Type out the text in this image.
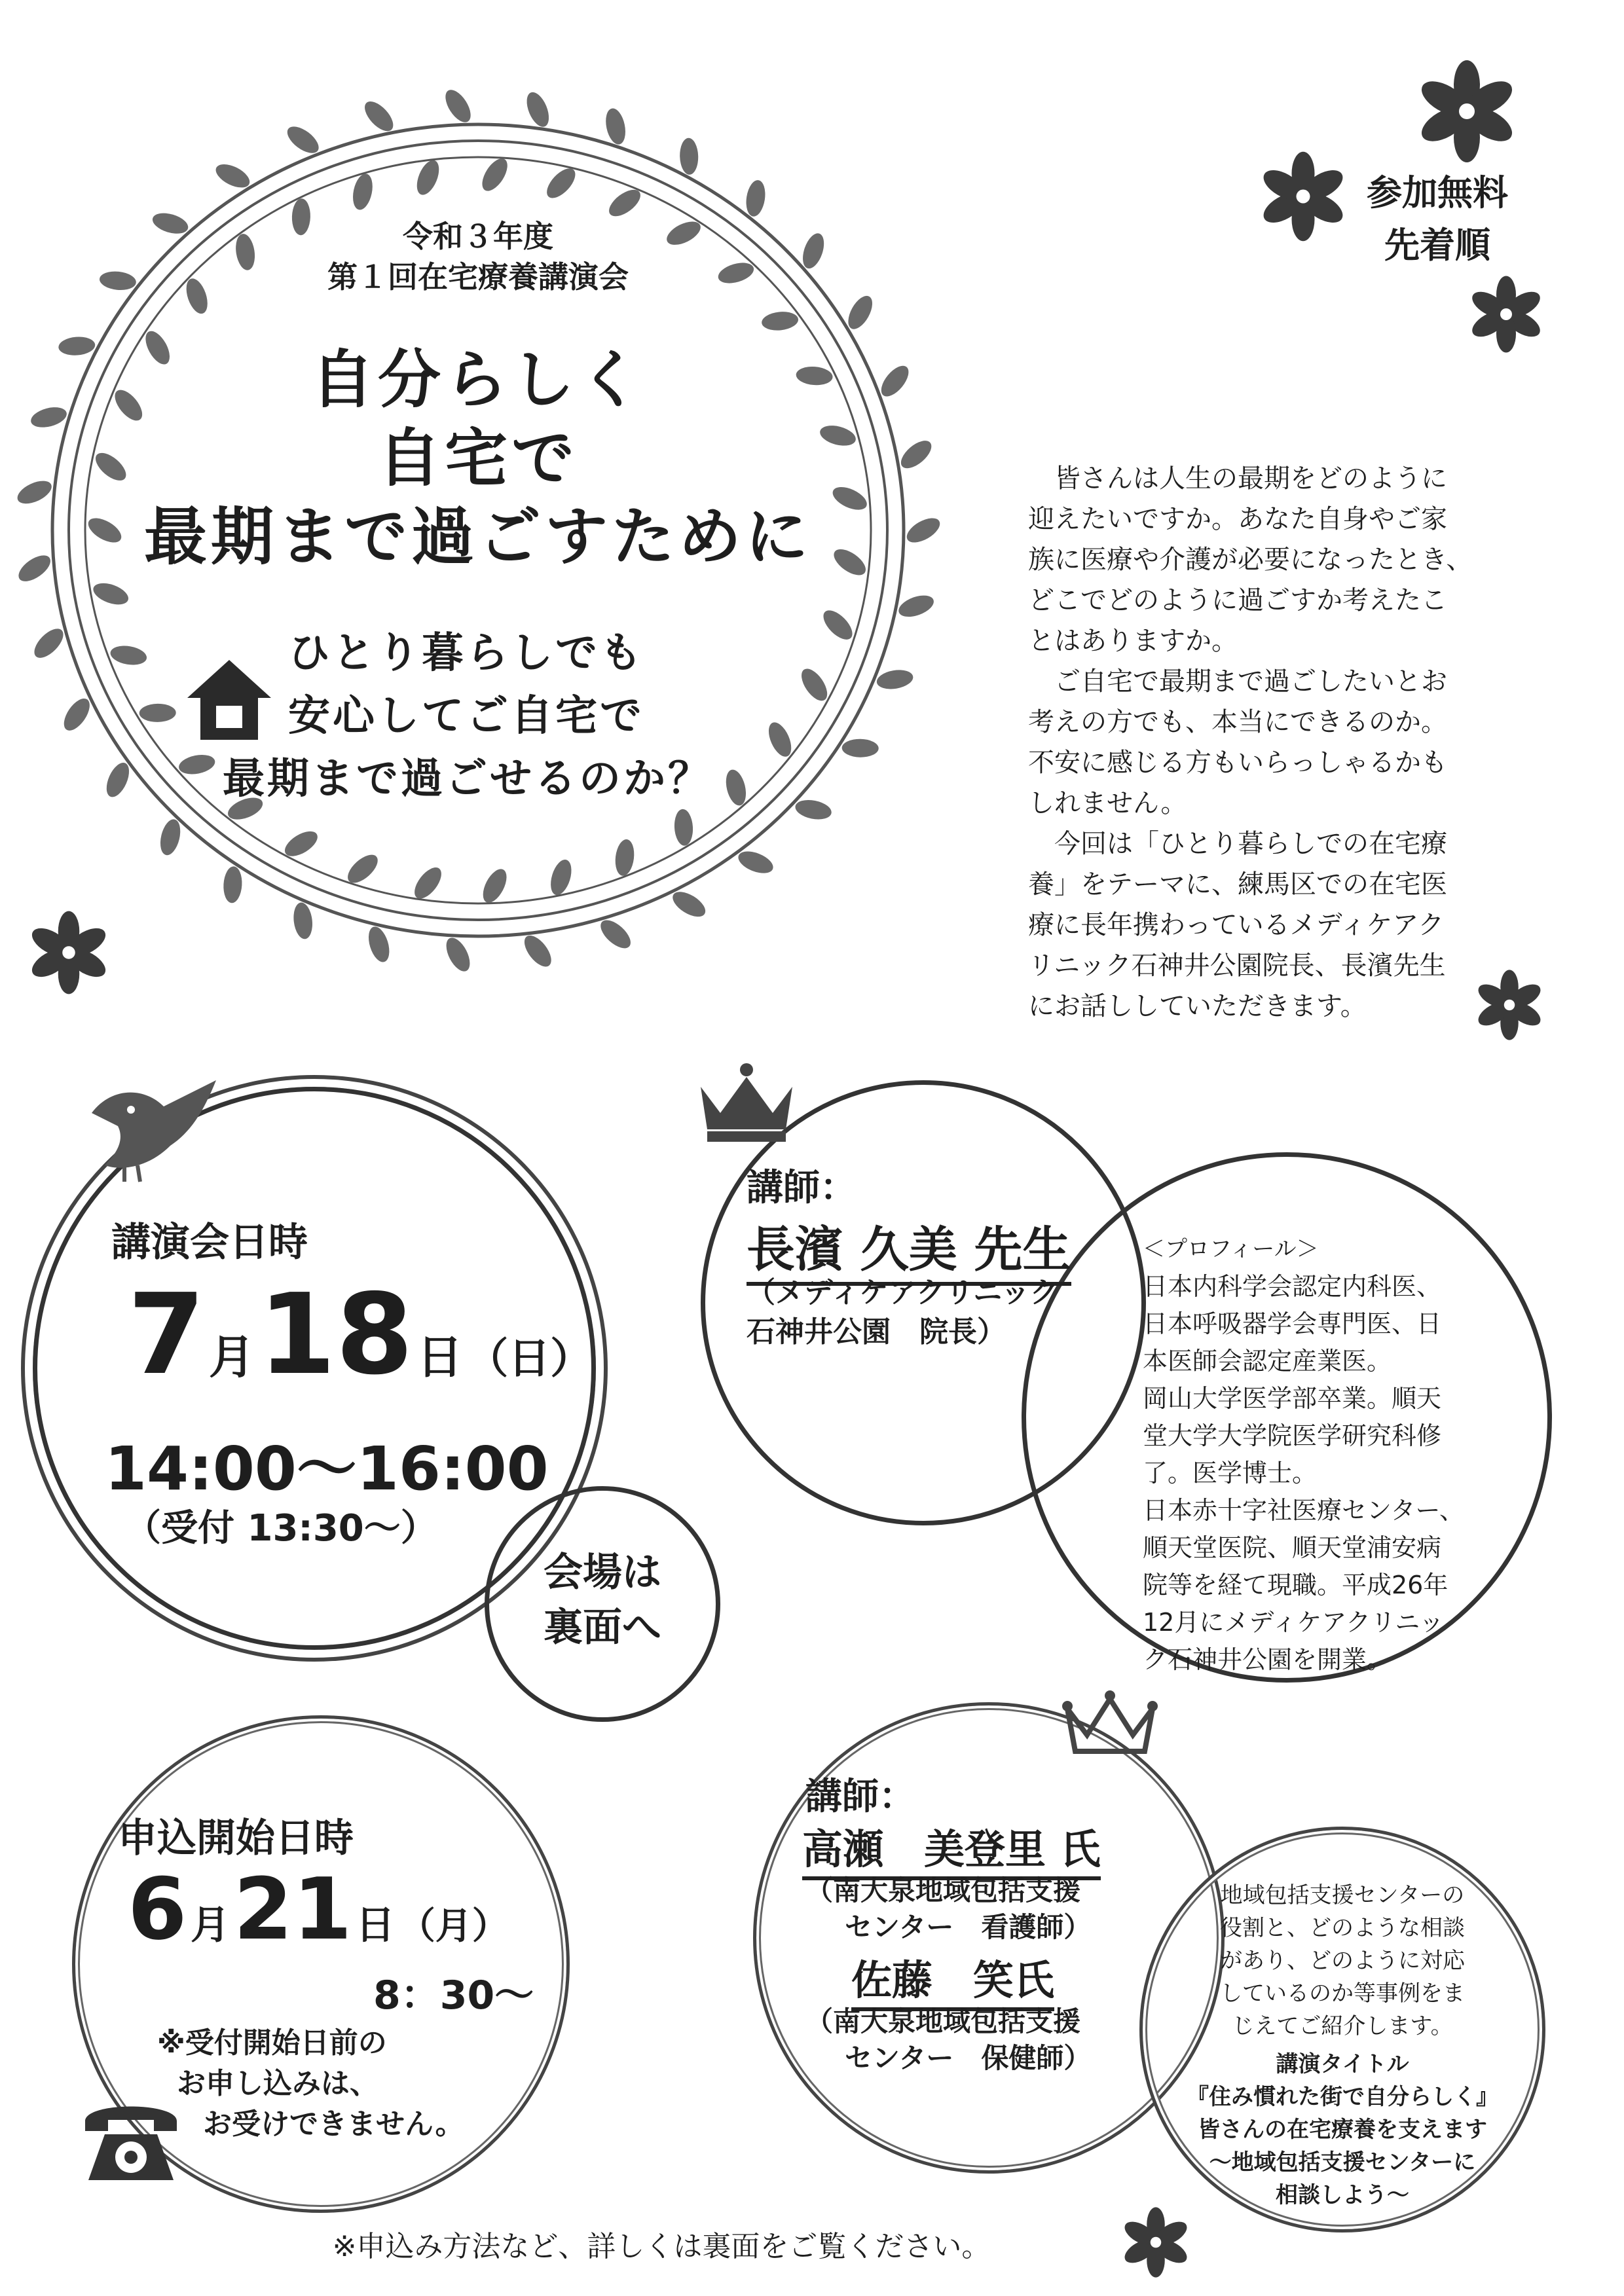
令和３年度
第１回在宅療養講演会
自分らしく
自宅で
最期まで過ごすために
ひとり暮らしでも
安心してご自宅で
最期まで過ごせるのか？
参加無料
先着順
　皆さんは人生の最期をどのように
迎えたいですか。あなた自身やご家
族に医療や介護が必要になったとき、
どこでどのように過ごすか考えたこ
とはありますか。
　ご自宅で最期まで過ごしたいとお
考えの方でも、本当にできるのか。
不安に感じる方もいらっしゃるかも
しれません。
　今回は「ひとり暮らしでの在宅療
養」をテーマに、練馬区での在宅医
療に長年携わっているメディケアク
リニック石神井公園院長、長濱先生
にお話ししていただきます。
講演会日時
7 月 18 日 （日）
14:00～16:00
（受付 13:30～）
会場は
裏面へ
講師：
長濱 久美 先生
（メディケアクリニック
石神井公園　院長）
＜プロフィール＞
日本内科学会認定内科医、
日本呼吸器学会専門医、日
本医師会認定産業医。
岡山大学医学部卒業。順天
堂大学大学院医学研究科修
了。医学博士。
日本赤十字社医療センター、
順天堂医院、順天堂浦安病
院等を経て現職。平成26年
12月にメディケアクリニッ
ク石神井公園を開業。
申込開始日時
6 月 21 日 （月）
8：30～
※受付開始日前の
お申し込みは、
お受けできません。
講師：
高瀬　美登里 氏
（南大泉地域包括支援
センター　看護師）
佐藤　笑氏
（南大泉地域包括支援
センター　保健師）
地域包括支援センターの
役割と、どのような相談
があり、どのように対応
しているのか等事例をま
じえてご紹介します。
講演タイトル
『住み慣れた街で自分らしく』
皆さんの在宅療養を支えます
～地域包括支援センターに
相談しよう～
※申込み方法など、詳しくは裏面をご覧ください。
